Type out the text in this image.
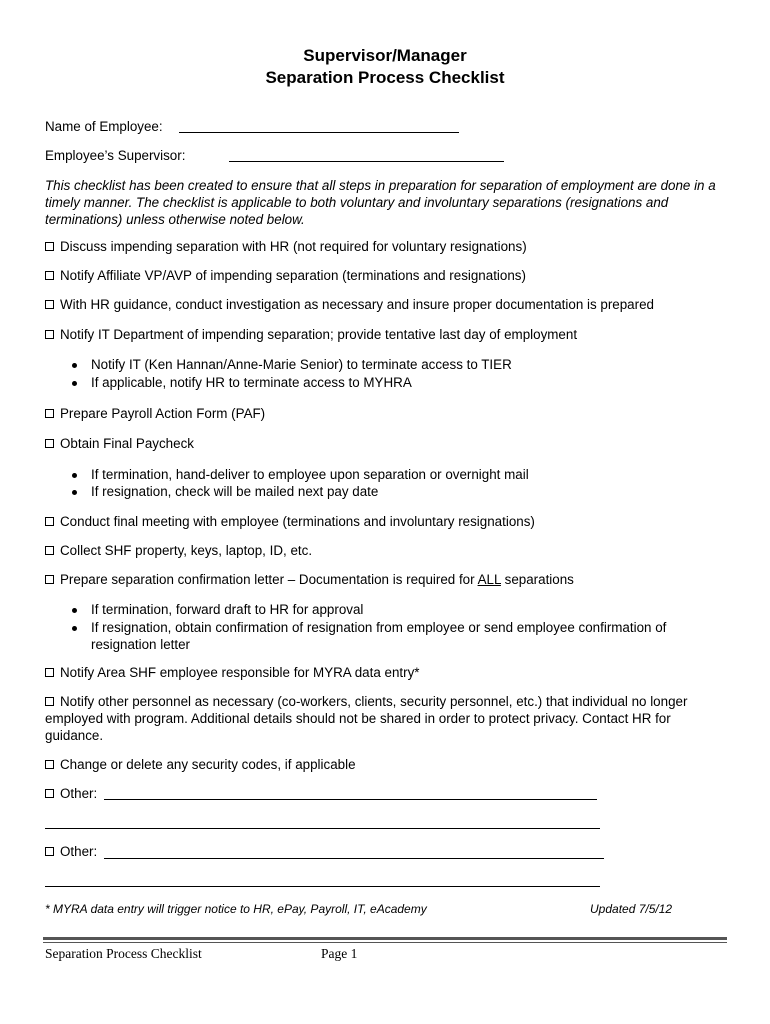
Supervisor/Manager
Separation Process Checklist
Name of Employee:
Employee’s Supervisor:
This checklist has been created to ensure that all steps in preparation for separation of employment are done in a timely manner. The checklist is applicable to both voluntary and involuntary separations (resignations and terminations) unless otherwise noted below.
Discuss impending separation with HR (not required for voluntary resignations)
Notify Affiliate VP/AVP of impending separation (terminations and resignations)
With HR guidance, conduct investigation as necessary and insure proper documentation is prepared
Notify IT Department of impending separation; provide tentative last day of employment
Notify IT (Ken Hannan/Anne-Marie Senior) to terminate access to TIER
If applicable, notify HR to terminate access to MYHRA
Prepare Payroll Action Form (PAF)
Obtain Final Paycheck
If termination, hand-deliver to employee upon separation or overnight mail
If resignation, check will be mailed next pay date
Conduct final meeting with employee (terminations and involuntary resignations)
Collect SHF property, keys, laptop, ID, etc.
Prepare separation confirmation letter – Documentation is required for ALL separations
If termination, forward draft to HR for approval
If resignation, obtain confirmation of resignation from employee or send employee confirmation of resignation letter
Notify Area SHF employee responsible for MYRA data entry*
Notify other personnel as necessary (co-workers, clients, security personnel, etc.) that individual no longer employed with program. Additional details should not be shared in order to protect privacy. Contact HR for guidance.
Change or delete any security codes, if applicable
Other:
Other:
* MYRA data entry will trigger notice to HR, ePay, Payroll, IT, eAcademy	Updated 7/5/12
Separation Process Checklist	Page 1
